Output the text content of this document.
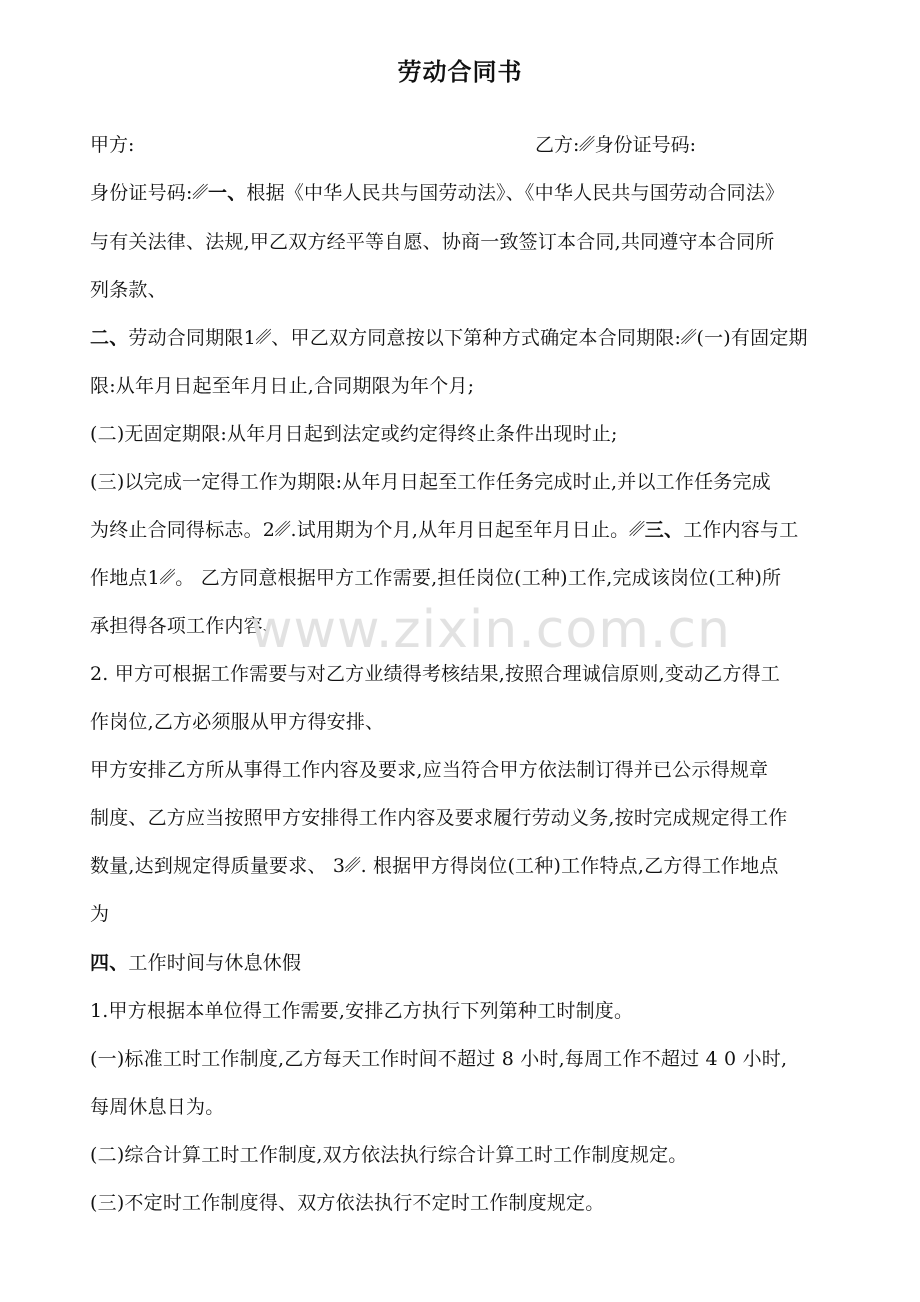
劳动合同书
甲方:	乙方:␥身份证号码:
身份证号码:␥一、根据《中华人民共与国劳动法》、《中华人民共与国劳动合同法》
与有关法律、法规,甲乙双方经平等自愿、协商一致签订本合同,共同遵守本合同所
列条款、
二、劳动合同期限1␥、甲乙双方同意按以下第种方式确定本合同期限:␥(一)有固定期
限:从年月日起至年月日止,合同期限为年个月;
(二)无固定期限:从年月日起到法定或约定得终止条件出现时止;
(三)以完成一定得工作为期限:从年月日起至工作任务完成时止,并以工作任务完成
为终止合同得标志。2␥.试用期为个月,从年月日起至年月日止。␥三、工作内容与工
作地点1␥。 乙方同意根据甲方工作需要,担任岗位(工种)工作,完成该岗位(工种)所
承担得各项工作内容、
www.zixin.com.cn
2. 甲方可根据工作需要与对乙方业绩得考核结果,按照合理诚信原则,变动乙方得工
作岗位,乙方必须服从甲方得安排、
甲方安排乙方所从事得工作内容及要求,应当符合甲方依法制订得并已公示得规章
制度、乙方应当按照甲方安排得工作内容及要求履行劳动义务,按时完成规定得工作
数量,达到规定得质量要求、 3␥. 根据甲方得岗位(工种)工作特点,乙方得工作地点
为
四、工作时间与休息休假
1.甲方根据本单位得工作需要,安排乙方执行下列第种工时制度。
(一)标准工时工作制度,乙方每天工作时间不超过 8 小时,每周工作不超过 4 0 小时,
每周休息日为。
(二)综合计算工时工作制度,双方依法执行综合计算工时工作制度规定。
(三)不定时工作制度得、双方依法执行不定时工作制度规定。
